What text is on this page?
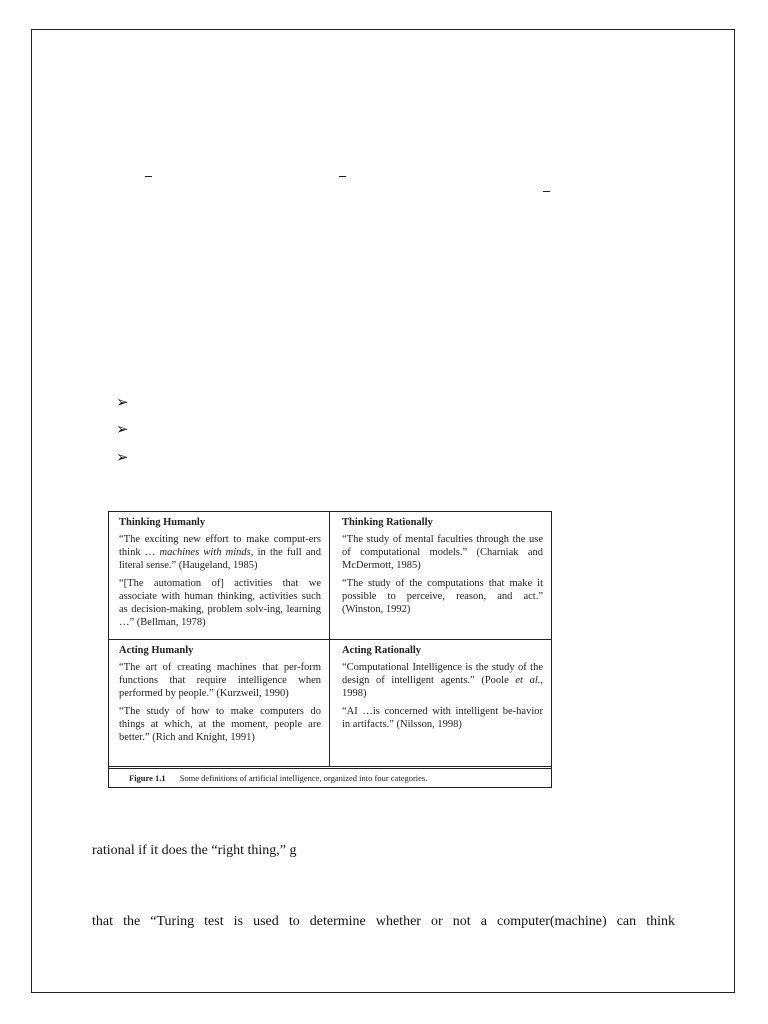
➢
➢
➢
Thinking Humanly
“The exciting new effort to make comput-ers think … machines with minds, in the full and literal sense.” (Haugeland, 1985)
“[The automation of] activities that we associate with human thinking, activities such as decision-making, problem solv-ing, learning …” (Bellman, 1978)
Thinking Rationally
“The study of mental faculties through the use of computational models.” (Charniak and McDermott, 1985)
“The study of the computations that make it possible to perceive, reason, and act.” (Winston, 1992)
Acting Humanly
“The art of creating machines that per-form functions that require intelligence when performed by people.” (Kurzweil, 1990)
“The study of how to make computers do things at which, at the moment, people are better.” (Rich and Knight, 1991)
Acting Rationally
“Computational Intelligence is the study of the design of intelligent agents.” (Poole et al., 1998)
“AI …is concerned with intelligent be-havior in artifacts.” (Nilsson, 1998)
Figure 1.1 Some definitions of artificial intelligence, organized into four categories.
rational if it does the “right thing,” g
that the “Turing test is used to determine whether or not a computer(machine) can think
